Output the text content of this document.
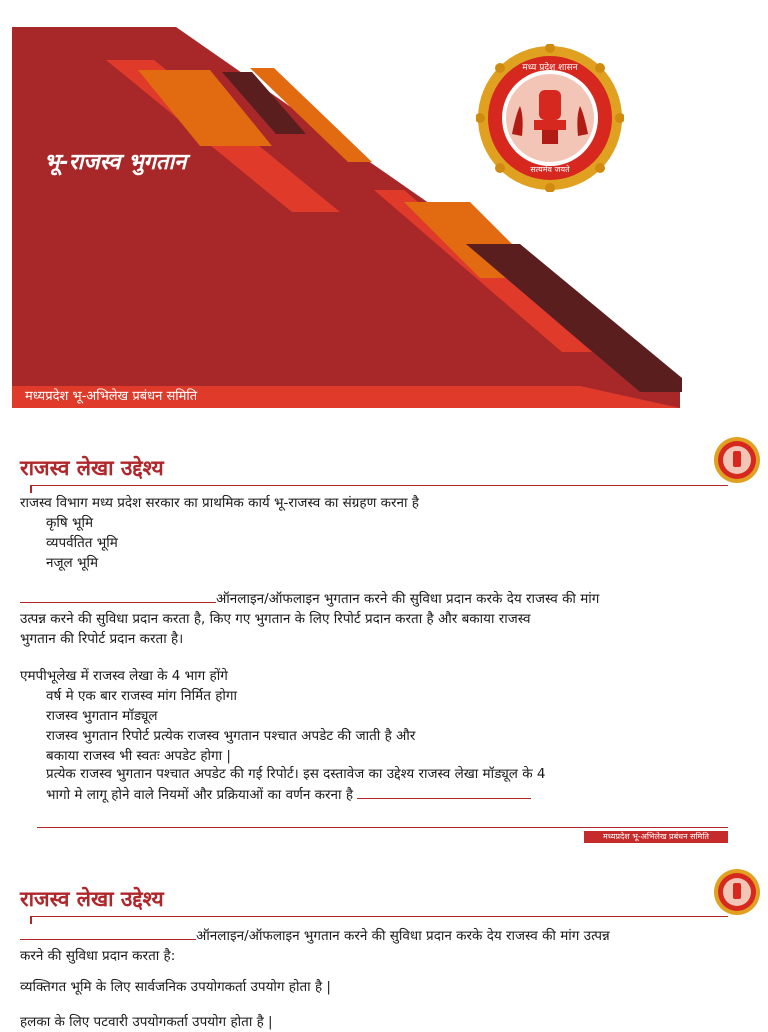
भू-राजस्व भुगतान
मध्यप्रदेश भू-अभिलेख प्रबंधन समिति
मध्य प्रदेश शासन
सत्यमेव जयते
राजस्व लेखा उद्देश्य

राजस्व विभाग मध्य प्रदेश सरकार का प्राथमिक कार्य भू-राजस्व का संग्रहण करना है

कृषि भूमि
व्यपर्वतित भूमि
नजूल भूमि
ऑनलाइन/ऑफलाइन भुगतान करने की सुविधा प्रदान करके देय राजस्व की मांग
उत्पन्न करने की सुविधा प्रदान करता है, किए गए भुगतान के लिए रिपोर्ट प्रदान करता है और बकाया राजस्व
भुगतान की रिपोर्ट प्रदान करता है।

एमपीभूलेख में राजस्व लेखा के 4 भाग होंगे

वर्ष मे एक बार राजस्व मांग निर्मित होगा
राजस्व भुगतान मॉड्यूल
राजस्व भुगतान रिपोर्ट प्रत्येक राजस्व भुगतान पश्चात अपडेट की जाती है और
बकाया राजस्व भी स्वतः अपडेट होगा |
प्रत्येक राजस्व भुगतान पश्चात अपडेट की गई रिपोर्ट। इस दस्तावेज का उद्देश्य राजस्व लेखा मॉड्यूल के 4
भागो मे लागू होने वाले नियमों और प्रक्रियाओं का वर्णन करना है
मध्यप्रदेश भू-अभिलेख प्रबंधन समिति
राजस्व लेखा उद्देश्य
ऑनलाइन/ऑफलाइन भुगतान करने की सुविधा प्रदान करके देय राजस्व की मांग उत्पन्न
करने की सुविधा प्रदान करता है:

व्यक्तिगत भूमि के लिए सार्वजनिक उपयोगकर्ता उपयोग होता है |

हलका के लिए पटवारी उपयोगकर्ता उपयोग होता है |
